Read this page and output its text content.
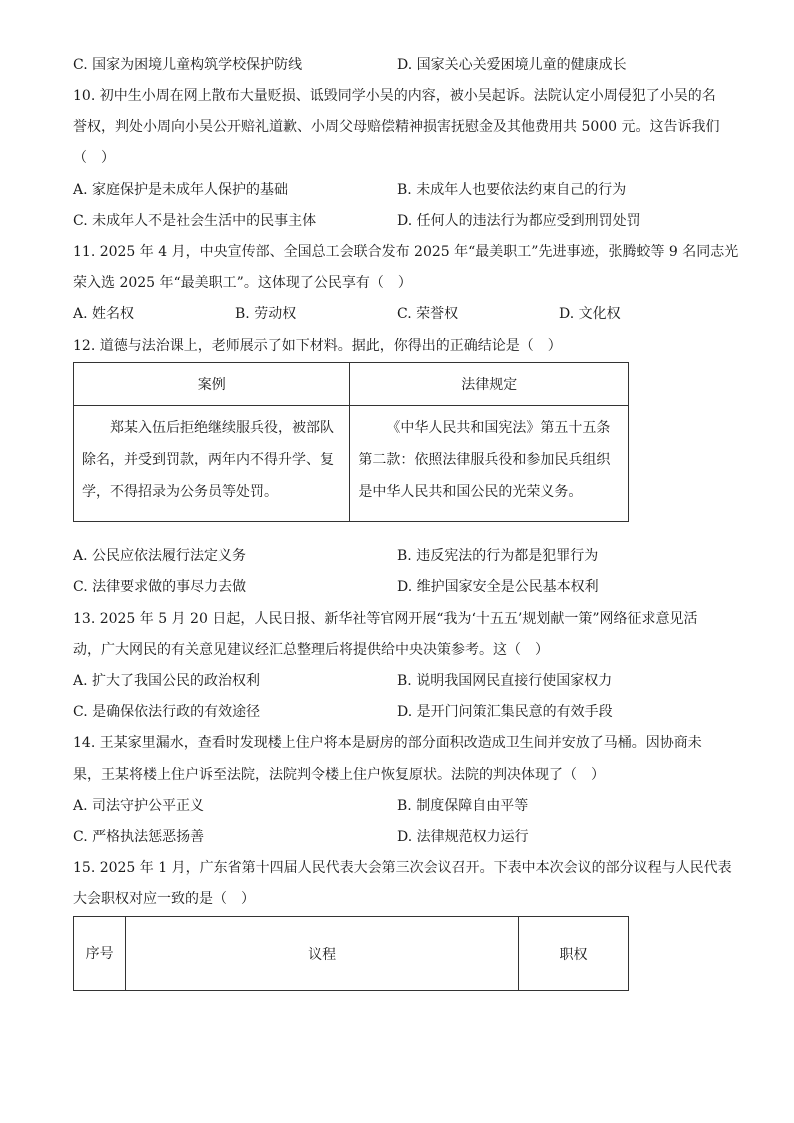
C. 国家为困境儿童构筑学校保护防线	D. 国家关心关爱困境儿童的健康成长
10. 初中生小周在网上散布大量贬损、诋毁同学小吴的内容，被小吴起诉。法院认定小周侵犯了小吴的名
誉权，判处小周向小吴公开赔礼道歉、小周父母赔偿精神损害抚慰金及其他费用共 5000 元。这告诉我们
（　）
A. 家庭保护是未成年人保护的基础	B. 未成年人也要依法约束自己的行为
C. 未成年人不是社会生活中的民事主体	D. 任何人的违法行为都应受到刑罚处罚
11. 2025 年 4 月，中央宣传部、全国总工会联合发布 2025 年“最美职工”先进事迹，张腾蛟等 9 名同志光
荣入选 2025 年“最美职工”。这体现了公民享有（　）
A. 姓名权	B. 劳动权	C. 荣誉权	D. 文化权
12. 道德与法治课上，老师展示了如下材料。据此，你得出的正确结论是（　）
案例	法律规定
郑某入伍后拒绝继续服兵役，被部队除名，并受到罚款，两年内不得升学、复学，不得招录为公务员等处罚。	《中华人民共和国宪法》第五十五条第二款：依照法律服兵役和参加民兵组织是中华人民共和国公民的光荣义务。
A. 公民应依法履行法定义务	B. 违反宪法的行为都是犯罪行为
C. 法律要求做的事尽力去做	D. 维护国家安全是公民基本权利
13. 2025 年 5 月 20 日起，人民日报、新华社等官网开展“我为‘十五五’规划献一策”网络征求意见活
动，广大网民的有关意见建议经汇总整理后将提供给中央决策参考。这（　）
A. 扩大了我国公民的政治权利	B. 说明我国网民直接行使国家权力
C. 是确保依法行政的有效途径	D. 是开门问策汇集民意的有效手段
14. 王某家里漏水，查看时发现楼上住户将本是厨房的部分面积改造成卫生间并安放了马桶。因协商未
果，王某将楼上住户诉至法院，法院判令楼上住户恢复原状。法院的判决体现了（　）
A. 司法守护公平正义	B. 制度保障自由平等
C. 严格执法惩恶扬善	D. 法律规范权力运行
15. 2025 年 1 月，广东省第十四届人民代表大会第三次会议召开。下表中本次会议的部分议程与人民代表
大会职权对应一致的是（　）
序号	议程	职权
